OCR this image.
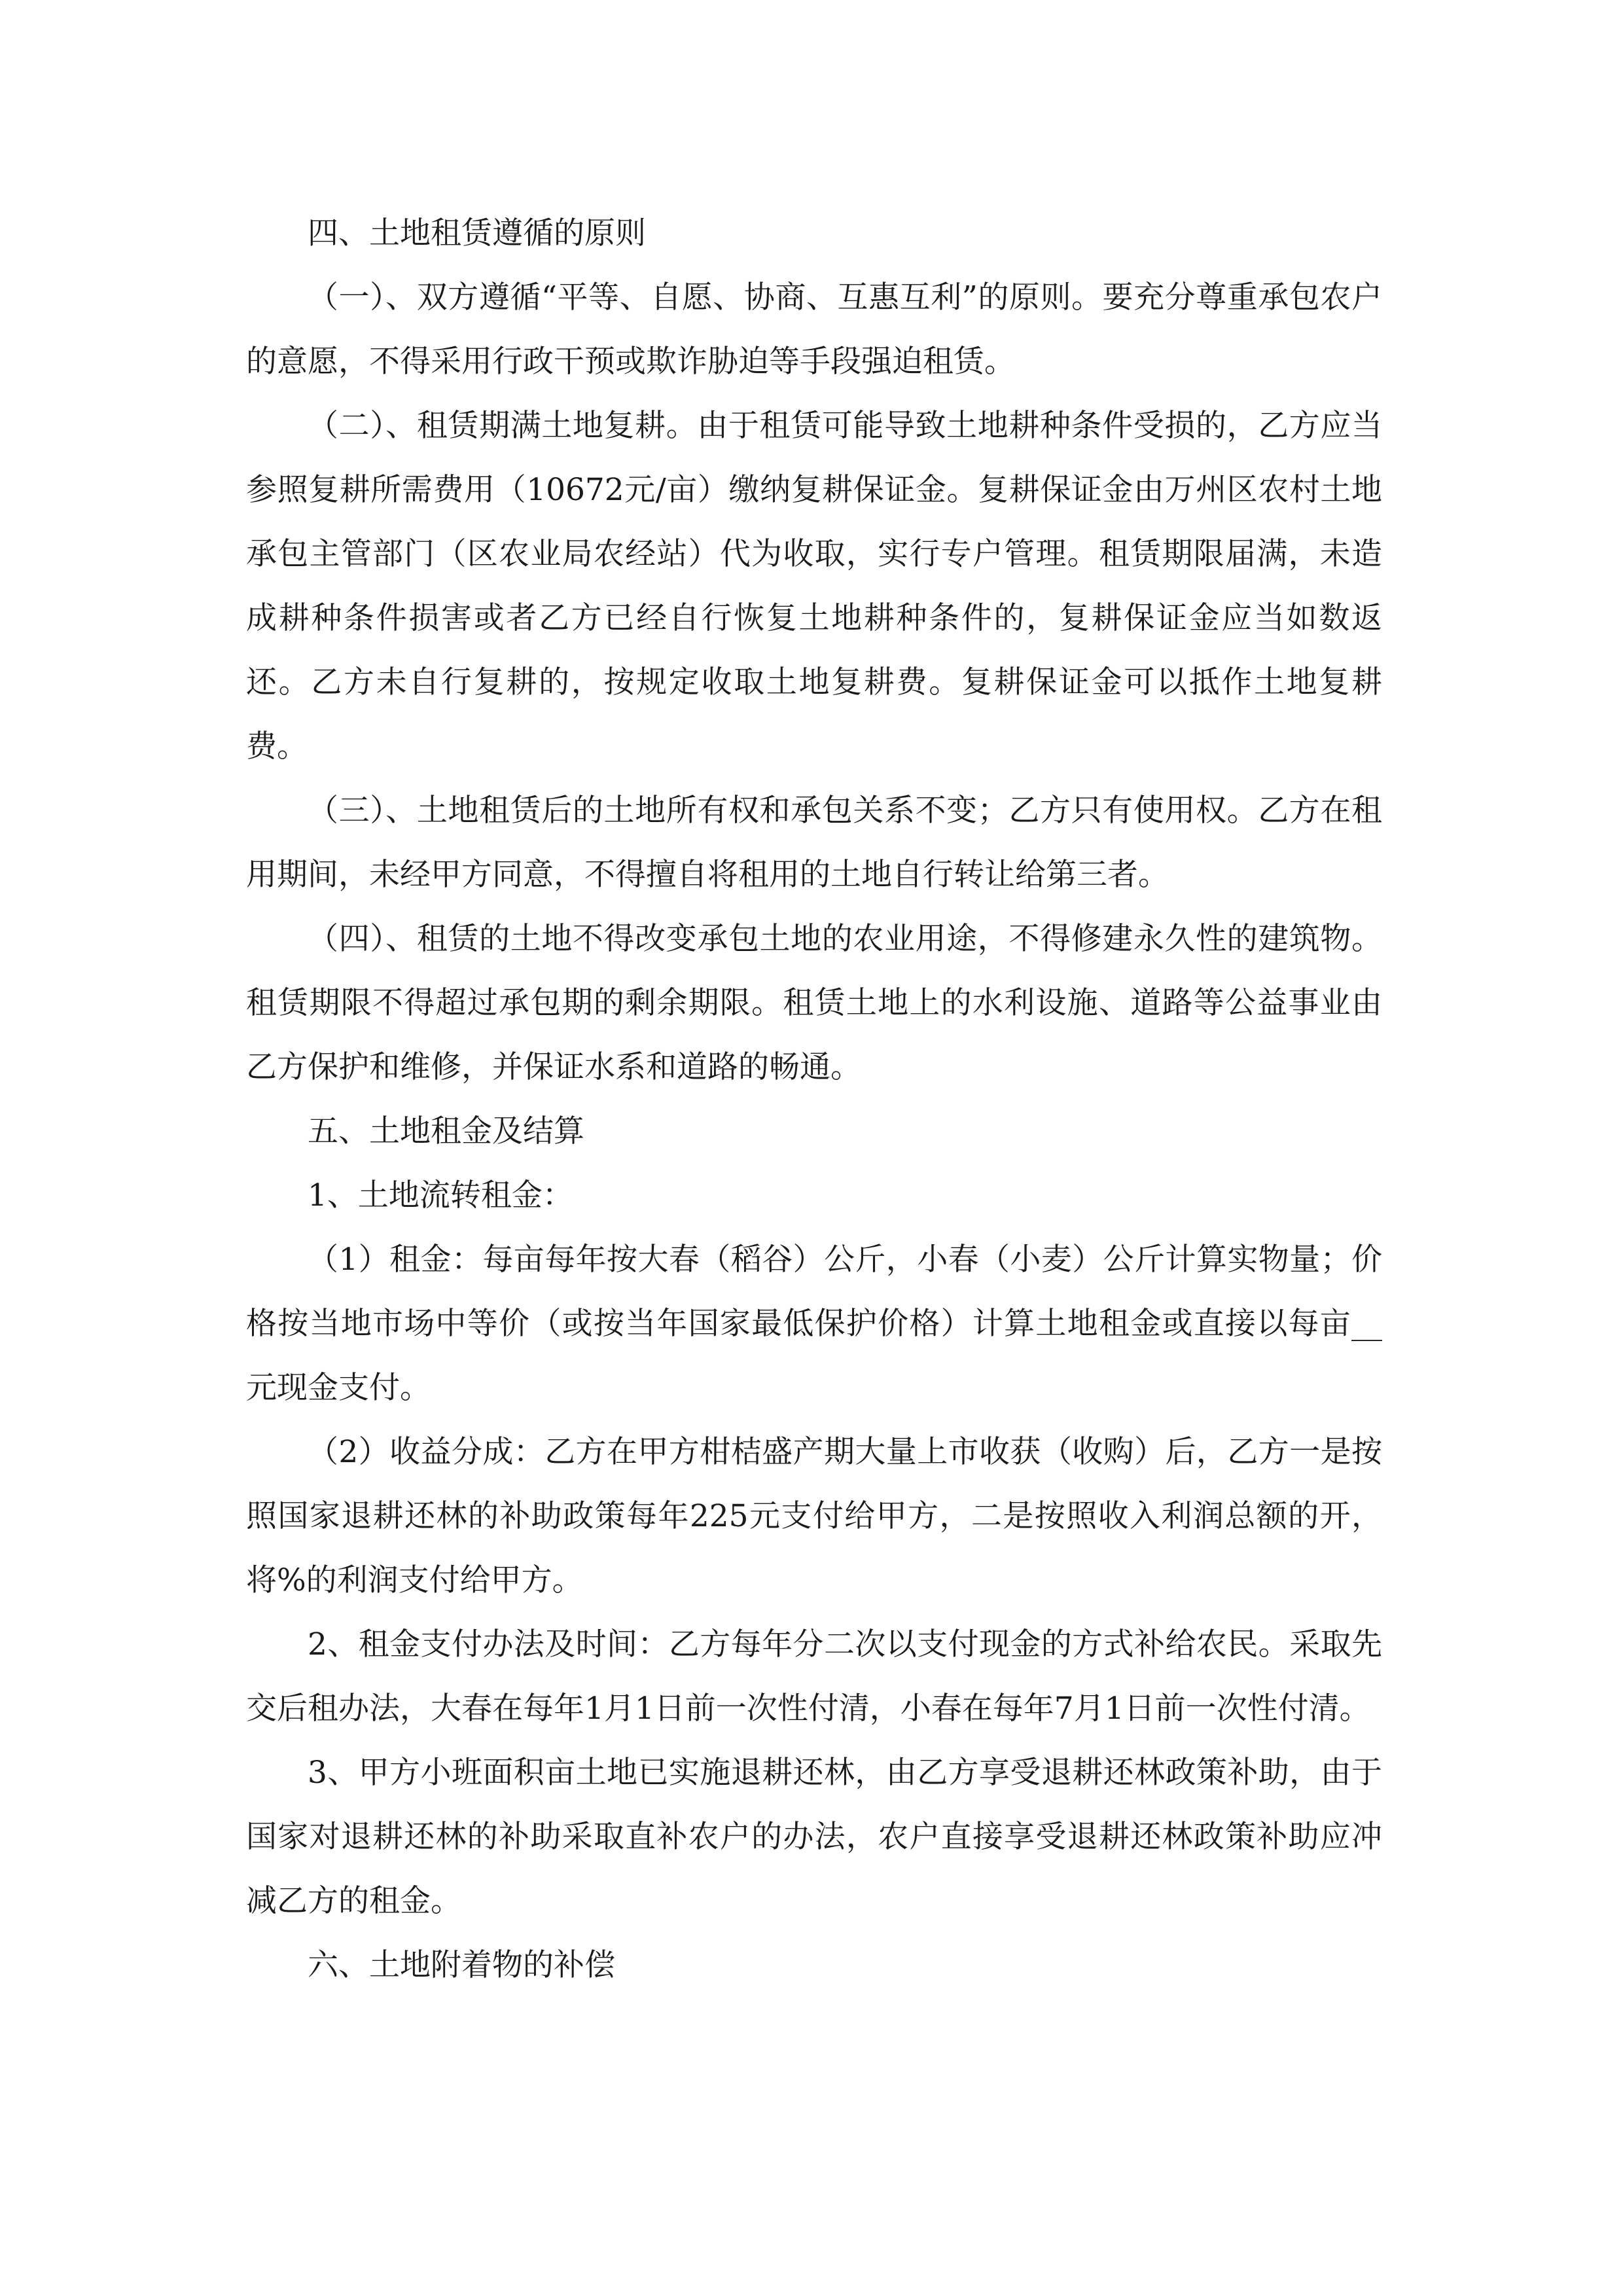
四、土地租赁遵循的原则

（一）、双方遵循“平等、自愿、协商、互惠互利”的原则。要充分尊重承包农户的意愿，不得采用行政干预或欺诈胁迫等手段强迫租赁。

（二）、租赁期满土地复耕。由于租赁可能导致土地耕种条件受损的，乙方应当参照复耕所需费用（10672元/亩）缴纳复耕保证金。复耕保证金由万州区农村土地承包主管部门（区农业局农经站）代为收取，实行专户管理。租赁期限届满，未造成耕种条件损害或者乙方已经自行恢复土地耕种条件的，复耕保证金应当如数返还。乙方未自行复耕的，按规定收取土地复耕费。复耕保证金可以抵作土地复耕费。

（三）、土地租赁后的土地所有权和承包关系不变；乙方只有使用权。乙方在租用期间，未经甲方同意，不得擅自将租用的土地自行转让给第三者。

（四）、租赁的土地不得改变承包土地的农业用途，不得修建永久性的建筑物。租赁期限不得超过承包期的剩余期限。租赁土地上的水利设施、道路等公益事业由乙方保护和维修，并保证水系和道路的畅通。

五、土地租金及结算

1、土地流转租金：

（1）租金：每亩每年按大春（稻谷）公斤，小春（小麦）公斤计算实物量；价格按当地市场中等价（或按当年国家最低保护价格）计算土地租金或直接以每亩__元现金支付。

（2）收益分成：乙方在甲方柑桔盛产期大量上市收获（收购）后，乙方一是按照国家退耕还林的补助政策每年225元支付给甲方，二是按照收入利润总额的开，将%的利润支付给甲方。

2、租金支付办法及时间：乙方每年分二次以支付现金的方式补给农民。采取先交后租办法，大春在每年1月1日前一次性付清，小春在每年7月1日前一次性付清。

3、甲方小班面积亩土地已实施退耕还林，由乙方享受退耕还林政策补助，由于国家对退耕还林的补助采取直补农户的办法，农户直接享受退耕还林政策补助应冲减乙方的租金。

六、土地附着物的补偿
